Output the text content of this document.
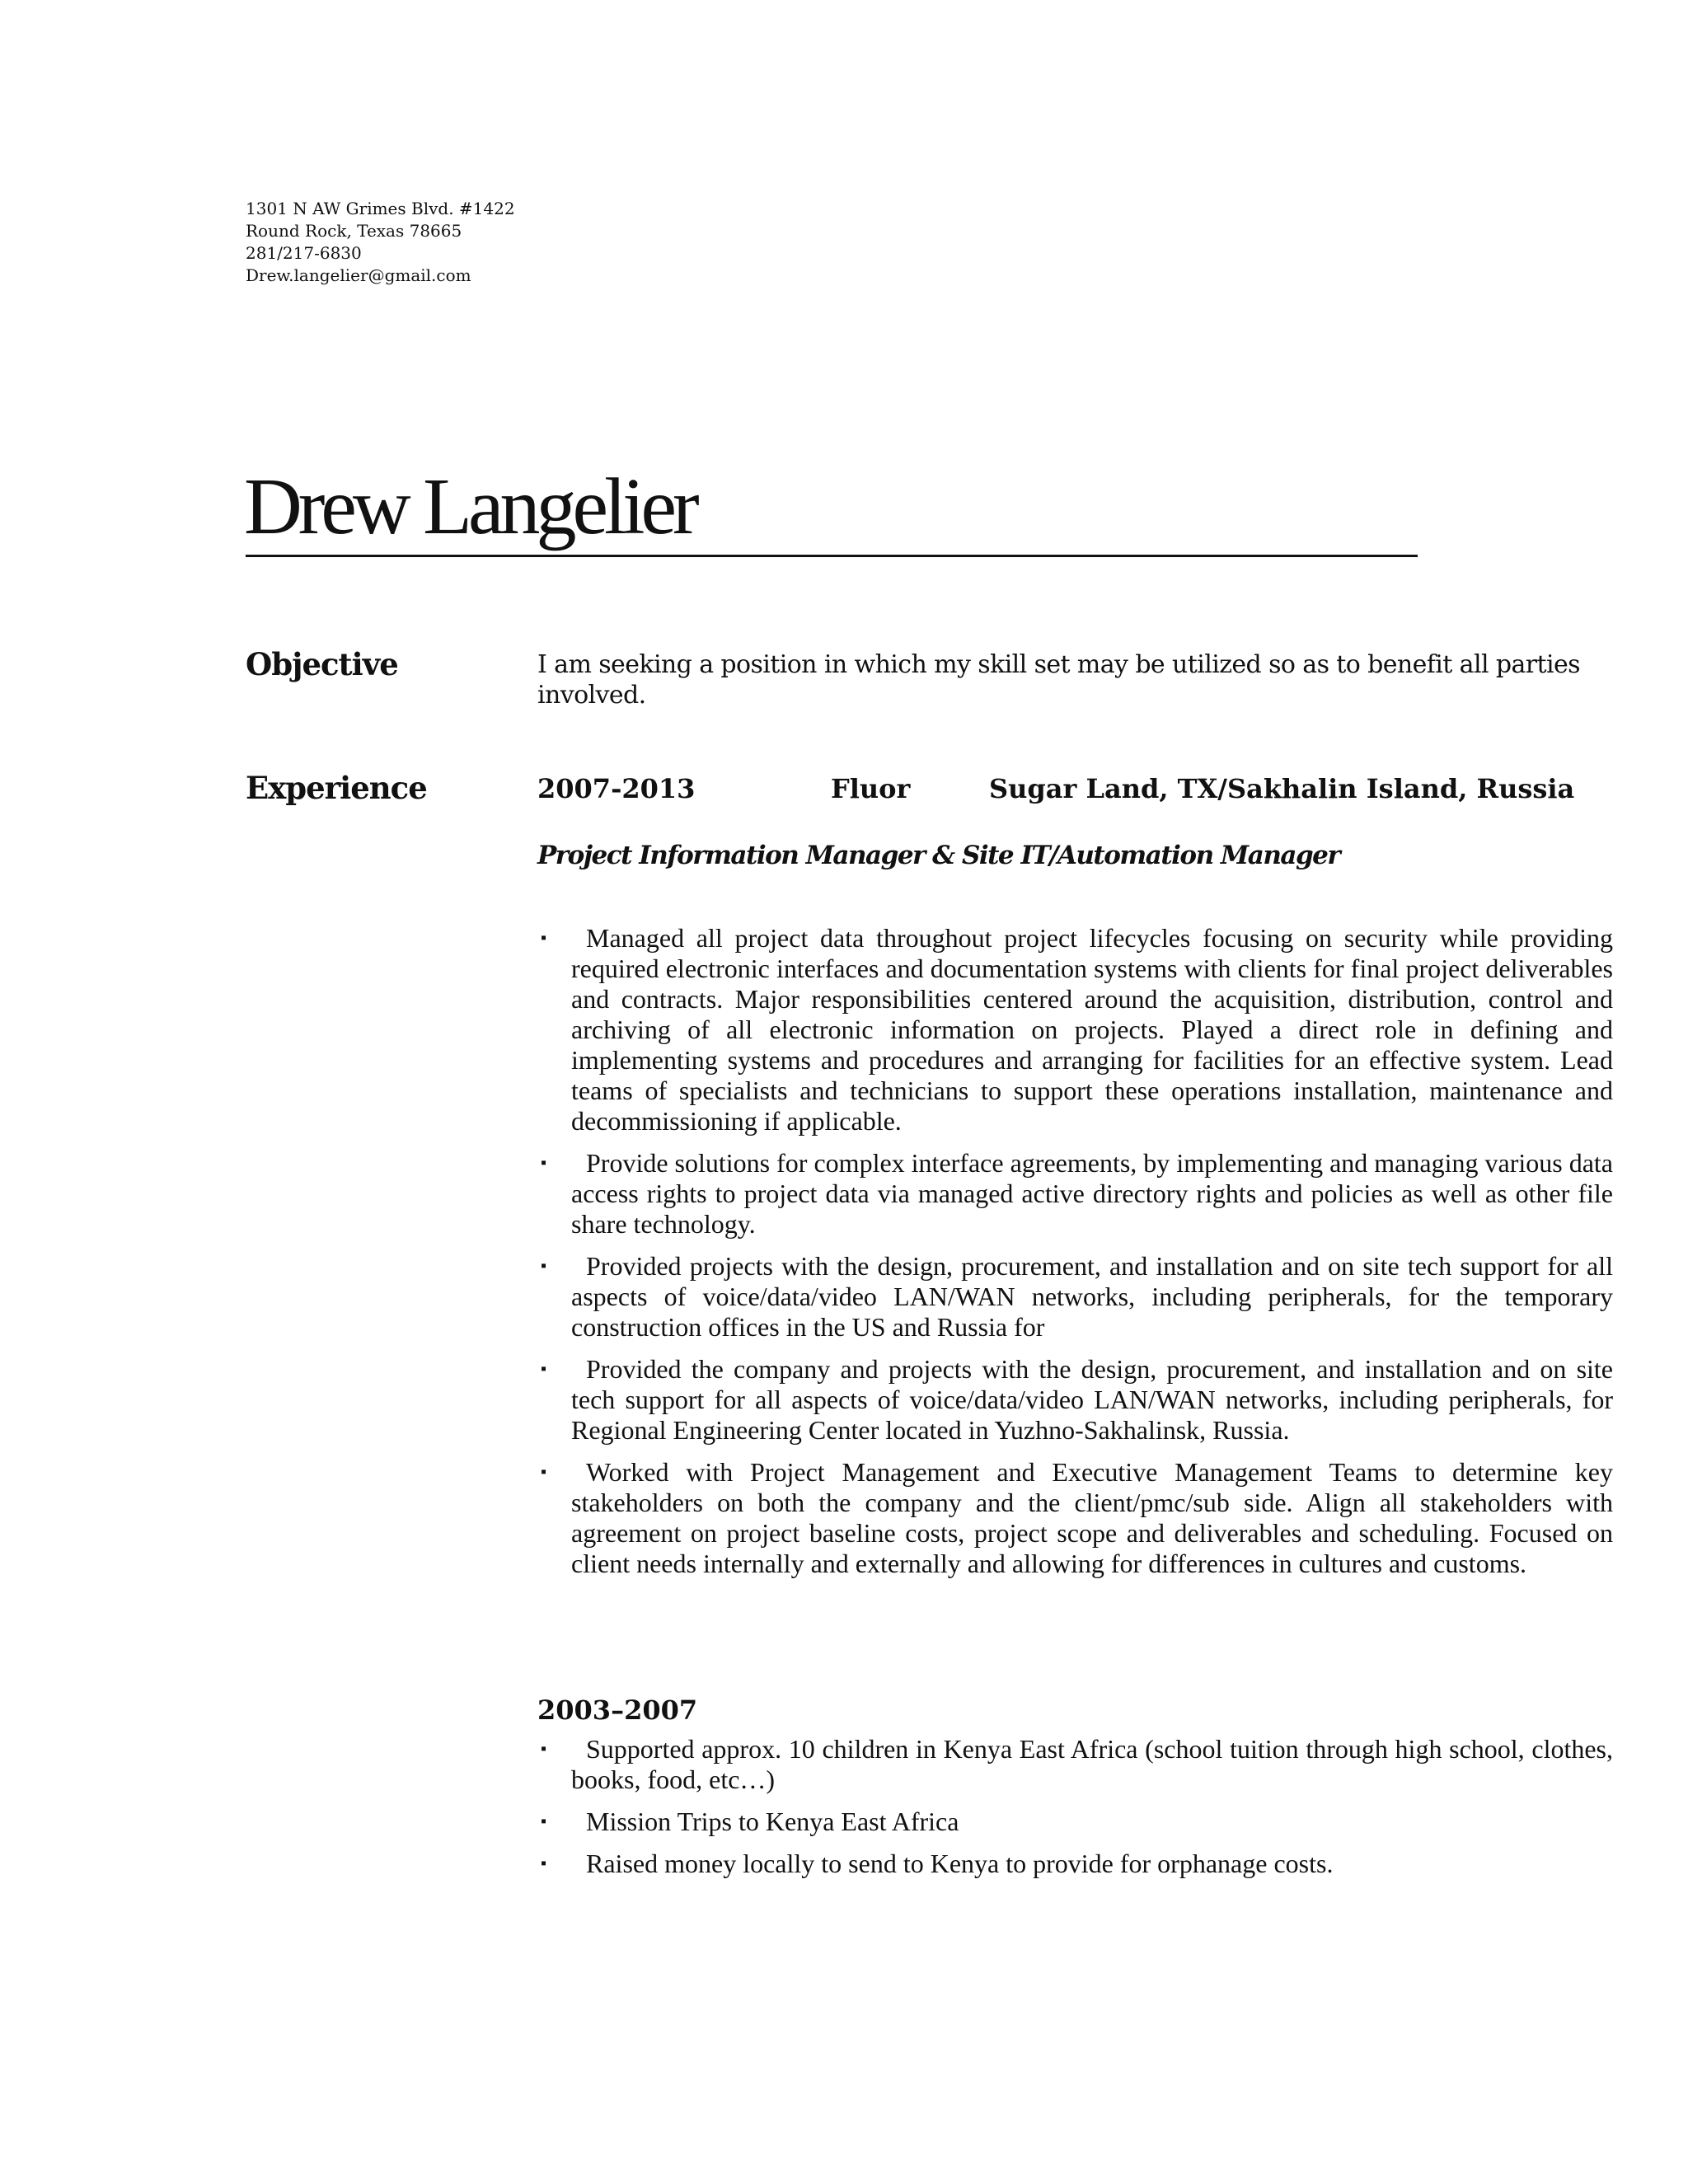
1301 N AW Grimes Blvd. #1422
Round Rock, Texas 78665
281/217-6830
Drew.langelier@gmail.com
Drew Langelier
Objective	I am seeking a position in which my skill set may be utilized so as to benefit all parties involved.
Experience	2007-2013	Fluor	Sugar Land, TX/Sakhalin Island, Russia
Project Information Manager & Site IT/Automation Manager
▪ Managed all project data throughout project lifecycles focusing on security while providing required electronic interfaces and documentation systems with clients for final project deliverables and contracts. Major responsibilities centered around the acquisition, distribution, control and archiving of all electronic information on projects. Played a direct role in defining and implementing systems and procedures and arranging for facilities for an effective system. Lead teams of specialists and technicians to support these operations installation, maintenance and decommissioning if applicable.
▪ Provide solutions for complex interface agreements, by implementing and managing various data access rights to project data via managed active directory rights and policies as well as other file share technology.
▪ Provided projects with the design, procurement, and installation and on site tech support for all aspects of voice/data/video LAN/WAN networks, including peripherals, for the temporary construction offices in the US and Russia for
▪ Provided the company and projects with the design, procurement, and installation and on site tech support for all aspects of voice/data/video LAN/WAN networks, including peripherals, for Regional Engineering Center located in Yuzhno-Sakhalinsk, Russia.
▪ Worked with Project Management and Executive Management Teams to determine key stakeholders on both the company and the client/pmc/sub side. Align all stakeholders with agreement on project baseline costs, project scope and deliverables and scheduling. Focused on client needs internally and externally and allowing for differences in cultures and customs.
2003–2007
▪ Supported approx. 10 children in Kenya East Africa (school tuition through high school, clothes, books, food, etc…)
▪ Mission Trips to Kenya East Africa
▪ Raised money locally to send to Kenya to provide for orphanage costs.
